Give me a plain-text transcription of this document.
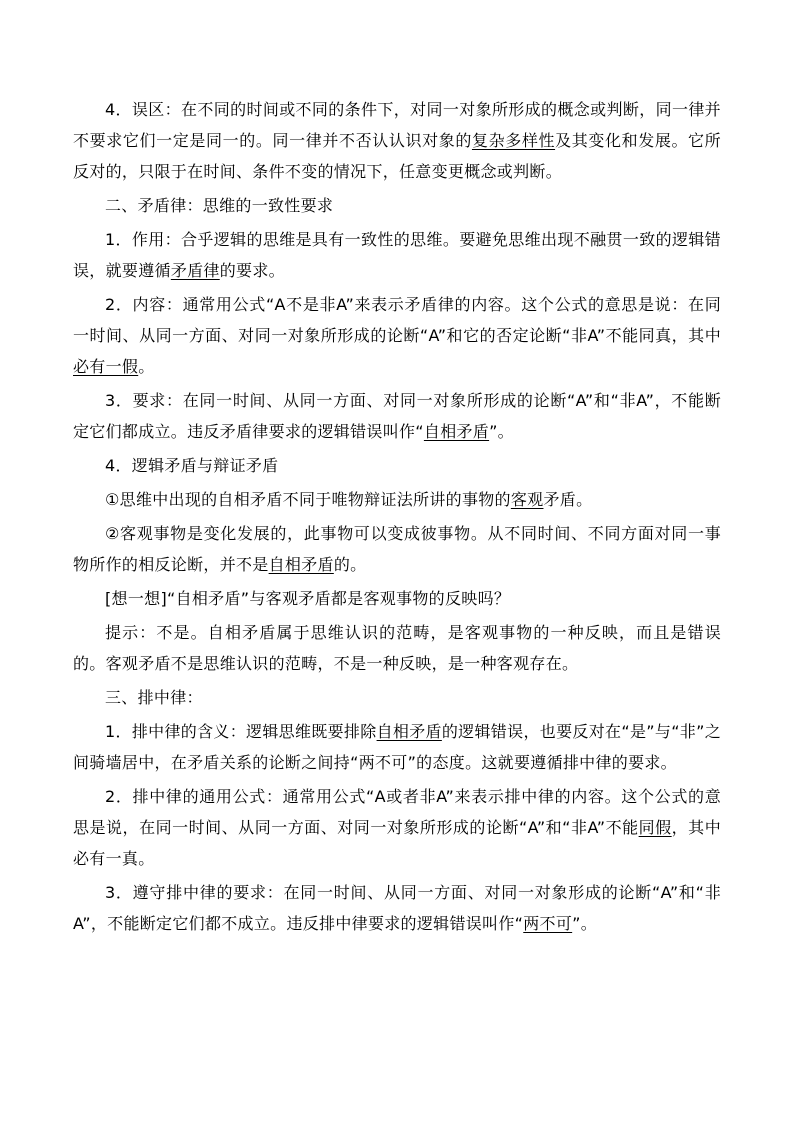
4．误区：在不同的时间或不同的条件下，对同一对象所形成的概念或判断，同一律并不要求它们一定是同一的。同一律并不否认认识对象的复杂多样性及其变化和发展。它所反对的，只限于在时间、条件不变的情况下，任意变更概念或判断。

二、矛盾律：思维的一致性要求

1．作用：合乎逻辑的思维是具有一致性的思维。要避免思维出现不融贯一致的逻辑错误，就要遵循矛盾律的要求。

2．内容：通常用公式“A不是非A”来表示矛盾律的内容。这个公式的意思是说：在同一时间、从同一方面、对同一对象所形成的论断“A”和它的否定论断“非A”不能同真，其中必有一假。

3．要求：在同一时间、从同一方面、对同一对象所形成的论断“A”和“非A”，不能断定它们都成立。违反矛盾律要求的逻辑错误叫作“自相矛盾”。

4．逻辑矛盾与辩证矛盾

①思维中出现的自相矛盾不同于唯物辩证法所讲的事物的客观矛盾。

②客观事物是变化发展的，此事物可以变成彼事物。从不同时间、不同方面对同一事物所作的相反论断，并不是自相矛盾的。

[想一想]“自相矛盾”与客观矛盾都是客观事物的反映吗？

提示：不是。自相矛盾属于思维认识的范畴，是客观事物的一种反映，而且是错误的。客观矛盾不是思维认识的范畴，不是一种反映，是一种客观存在。

三、排中律：

1．排中律的含义：逻辑思维既要排除自相矛盾的逻辑错误，也要反对在“是”与“非”之间骑墙居中，在矛盾关系的论断之间持“两不可”的态度。这就要遵循排中律的要求。

2．排中律的通用公式：通常用公式“A或者非A”来表示排中律的内容。这个公式的意思是说，在同一时间、从同一方面、对同一对象所形成的论断“A”和“非A”不能同假，其中必有一真。

3．遵守排中律的要求：在同一时间、从同一方面、对同一对象形成的论断“A”和“非A”，不能断定它们都不成立。违反排中律要求的逻辑错误叫作“两不可”。
